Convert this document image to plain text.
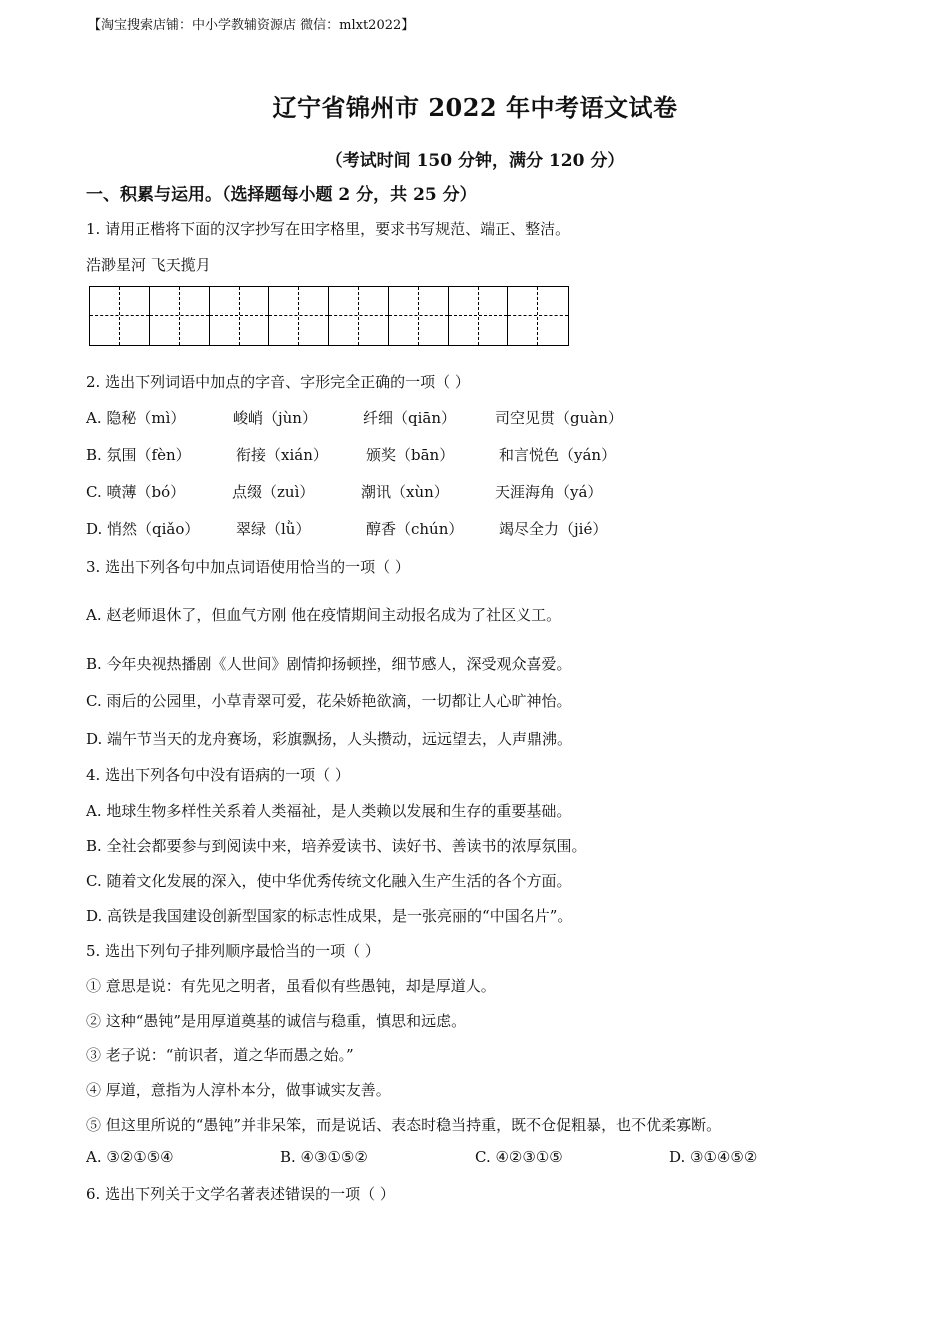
【淘宝搜索店铺：中小学教辅资源店 微信：mlxt2022】
辽宁省锦州市 2022 年中考语文试卷
（考试时间 150 分钟，满分 120 分）
一、积累与运用。（选择题每小题 2 分，共 25 分）
1. 请用正楷将下面的汉字抄写在田字格里，要求书写规范、端正、整洁。
浩渺星河 飞天揽月
2. 选出下列词语中加点的字音、字形完全正确的一项（ ）
A. 隐秘（mì）	峻峭（jùn）	纤细（qiān）	司空见贯（guàn）
B. 氛围（fèn）	衔接（xián）	颁奖（bān）	和言悦色（yán）
C. 喷薄（bó）	点缀（zuì）	潮讯（xùn）	天涯海角（yá）
D. 悄然（qiǎo） 翠绿（lǜ）	醇香（chún） 竭尽全力（jié）
3. 选出下列各句中加点词语使用恰当的一项（ ）
A. 赵老师退休了，但血气方刚 他在疫情期间主动报名成为了社区义工。
B. 今年央视热播剧《人世间》剧情抑扬顿挫，细节感人，深受观众喜爱。
C. 雨后的公园里，小草青翠可爱，花朵娇艳欲滴，一切都让人心旷神怡。
D. 端午节当天的龙舟赛场，彩旗飘扬，人头攒动，远远望去，人声鼎沸。
4. 选出下列各句中没有语病的一项（ ）
A. 地球生物多样性关系着人类福祉，是人类赖以发展和生存的重要基础。
B. 全社会都要参与到阅读中来，培养爱读书、读好书、善读书的浓厚氛围。
C. 随着文化发展的深入，使中华优秀传统文化融入生产生活的各个方面。
D. 高铁是我国建设创新型国家的标志性成果，是一张亮丽的“中国名片”。
5. 选出下列句子排列顺序最恰当的一项（ ）
① 意思是说：有先见之明者，虽看似有些愚钝，却是厚道人。
② 这种“愚钝”是用厚道奠基的诚信与稳重，慎思和远虑。
③ 老子说：“前识者，道之华而愚之始。”
④ 厚道，意指为人淳朴本分，做事诚实友善。
⑤ 但这里所说的“愚钝”并非呆笨，而是说话、表态时稳当持重，既不仓促粗暴，也不优柔寡断。
A. ③②①⑤④	B. ④③①⑤②	C. ④②③①⑤	D. ③①④⑤②
6. 选出下列关于文学名著表述错误的一项（ ）
